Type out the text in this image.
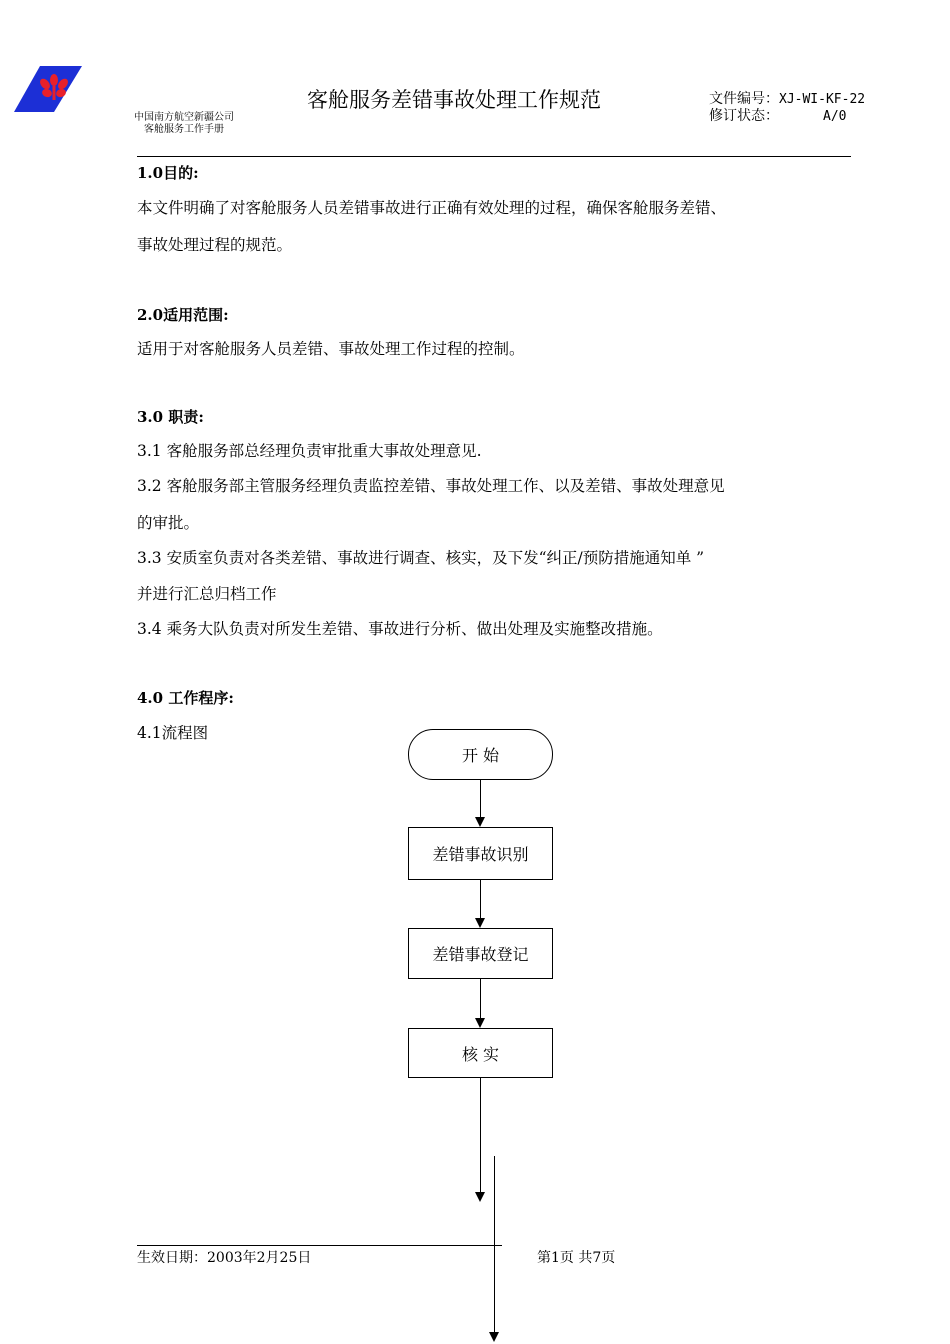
中国南方航空新疆公司
客舱服务工作手册
客舱服务差错事故处理工作规范	文件编号：XJ-WI-KF-22
修订状态：	A/0
1.0目的:
本文件明确了对客舱服务人员差错事故进行正确有效处理的过程，确保客舱服务差错、
事故处理过程的规范。
2.0适用范围:
适用于对客舱服务人员差错、事故处理工作过程的控制。
3.0 职责:
3.1 客舱服务部总经理负责审批重大事故处理意见.
3.2 客舱服务部主管服务经理负责监控差错、事故处理工作、以及差错、事故处理意见
的审批。
3.3 安质室负责对各类差错、事故进行调查、核实，及下发“纠正/预防措施通知单 ”
并进行汇总归档工作
3.4 乘务大队负责对所发生差错、事故进行分析、做出处理及实施整改措施。
4.0 工作程序:
4.1流程图
开 始
差错事故识别
差错事故登记
核 实
生效日期：2003年2月25日	第1页 共7页
